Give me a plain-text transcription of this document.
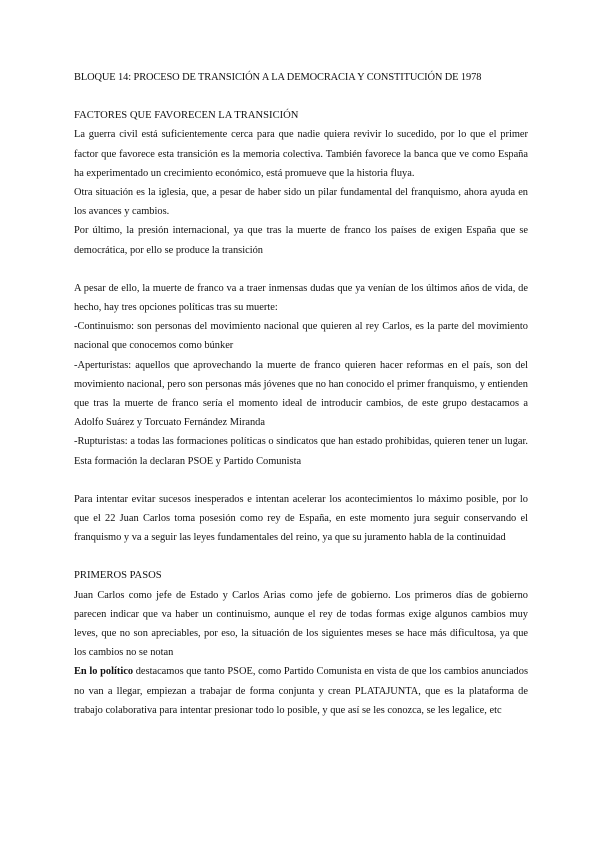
BLOQUE 14: PROCESO DE TRANSICIÓN A LA DEMOCRACIA Y CONSTITUCIÓN DE 1978

FACTORES QUE FAVORECEN LA TRANSICIÓN

La guerra civil está suficientemente cerca para que nadie quiera revivir lo sucedido, por lo que el primer factor que favorece esta transición es la memoria colectiva. También favorece la banca que ve como España ha experimentado un crecimiento económico, está promueve que la historia fluya.

Otra situación es la iglesia, que, a pesar de haber sido un pilar fundamental del franquismo, ahora ayuda en los avances y cambios.

Por último, la presión internacional, ya que tras la muerte de franco los países de exigen España que se democrática, por ello se produce la transición

A pesar de ello, la muerte de franco va a traer inmensas dudas que ya venían de los últimos años de vida, de hecho, hay tres opciones políticas tras su muerte:

-Continuismo: son personas del movimiento nacional que quieren al rey Carlos, es la parte del movimiento nacional que conocemos como búnker

-Aperturistas: aquellos que aprovechando la muerte de franco quieren hacer reformas en el país, son del movimiento nacional, pero son personas más jóvenes que no han conocido el primer franquismo, y entienden que tras la muerte de franco sería el momento ideal de introducir cambios, de este grupo destacamos a Adolfo Suárez y Torcuato Fernández Miranda

-Rupturistas: a todas las formaciones políticas o sindicatos que han estado prohibidas, quieren tener un lugar. Esta formación la declaran PSOE y Partido Comunista

Para intentar evitar sucesos inesperados e intentan acelerar los acontecimientos lo máximo posible, por lo que el 22 Juan Carlos toma posesión como rey de España, en este momento jura seguir conservando el franquismo y va a seguir las leyes fundamentales del reino, ya que su juramento habla de la continuidad

PRIMEROS PASOS

Juan Carlos como jefe de Estado y Carlos Arias como jefe de gobierno. Los primeros días de gobierno parecen indicar que va haber un continuismo, aunque el rey de todas formas exige algunos cambios muy leves, que no son apreciables, por eso, la situación de los siguientes meses se hace más dificultosa, ya que los cambios no se notan

En lo político destacamos que tanto PSOE, como Partido Comunista en vista de que los cambios anunciados no van a llegar, empiezan a trabajar de forma conjunta y crean PLATAJUNTA, que es la plataforma de trabajo colaborativa para intentar presionar todo lo posible, y que así se les conozca, se les legalice, etc
